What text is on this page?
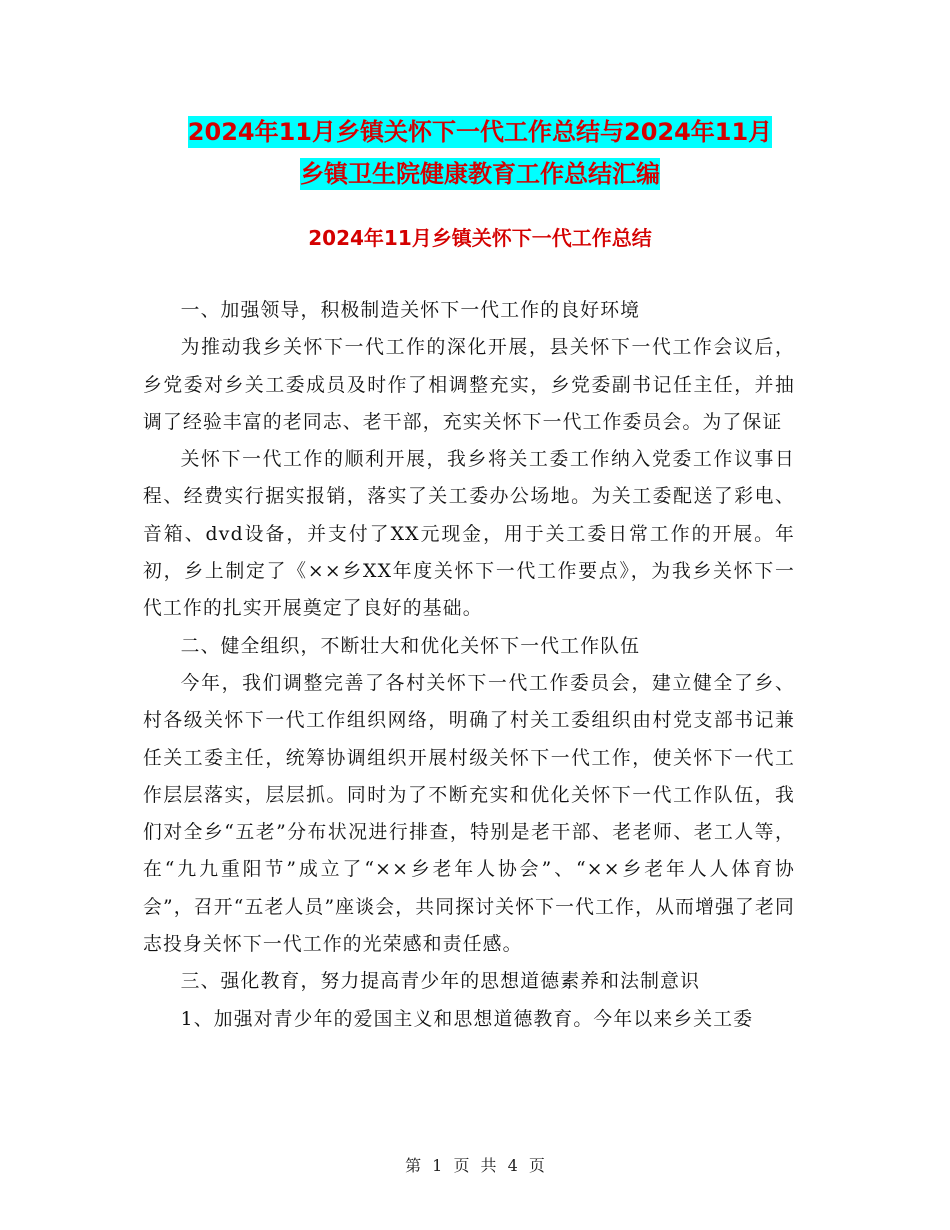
2024年11月乡镇关怀下一代工作总结与2024年11月
乡镇卫生院健康教育工作总结汇编
2024年11月乡镇关怀下一代工作总结

一、加强领导，积极制造关怀下一代工作的良好环境

为推动我乡关怀下一代工作的深化开展，县关怀下一代工作会议后，乡党委对乡关工委成员及时作了相调整充实，乡党委副书记任主任，并抽调了经验丰富的老同志、老干部，充实关怀下一代工作委员会。为了保证

关怀下一代工作的顺利开展，我乡将关工委工作纳入党委工作议事日程、经费实行据实报销，落实了关工委办公场地。为关工委配送了彩电、音箱、dvd设备，并支付了XX元现金，用于关工委日常工作的开展。年初，乡上制定了《××乡XX年度关怀下一代工作要点》，为我乡关怀下一代工作的扎实开展奠定了良好的基础。

二、健全组织，不断壮大和优化关怀下一代工作队伍

今年，我们调整完善了各村关怀下一代工作委员会，建立健全了乡、村各级关怀下一代工作组织网络，明确了村关工委组织由村党支部书记兼任关工委主任，统筹协调组织开展村级关怀下一代工作，使关怀下一代工作层层落实，层层抓。同时为了不断充实和优化关怀下一代工作队伍，我们对全乡“五老”分布状况进行排查，特别是老干部、老老师、老工人等，在“九九重阳节”成立了“××乡老年人协会”、“××乡老年人人体育协会”，召开“五老人员”座谈会，共同探讨关怀下一代工作，从而增强了老同志投身关怀下一代工作的光荣感和责任感。

三、强化教育，努力提高青少年的思想道德素养和法制意识

1、加强对青少年的爱国主义和思想道德教育。今年以来乡关工委

第 1 页 共 4 页
